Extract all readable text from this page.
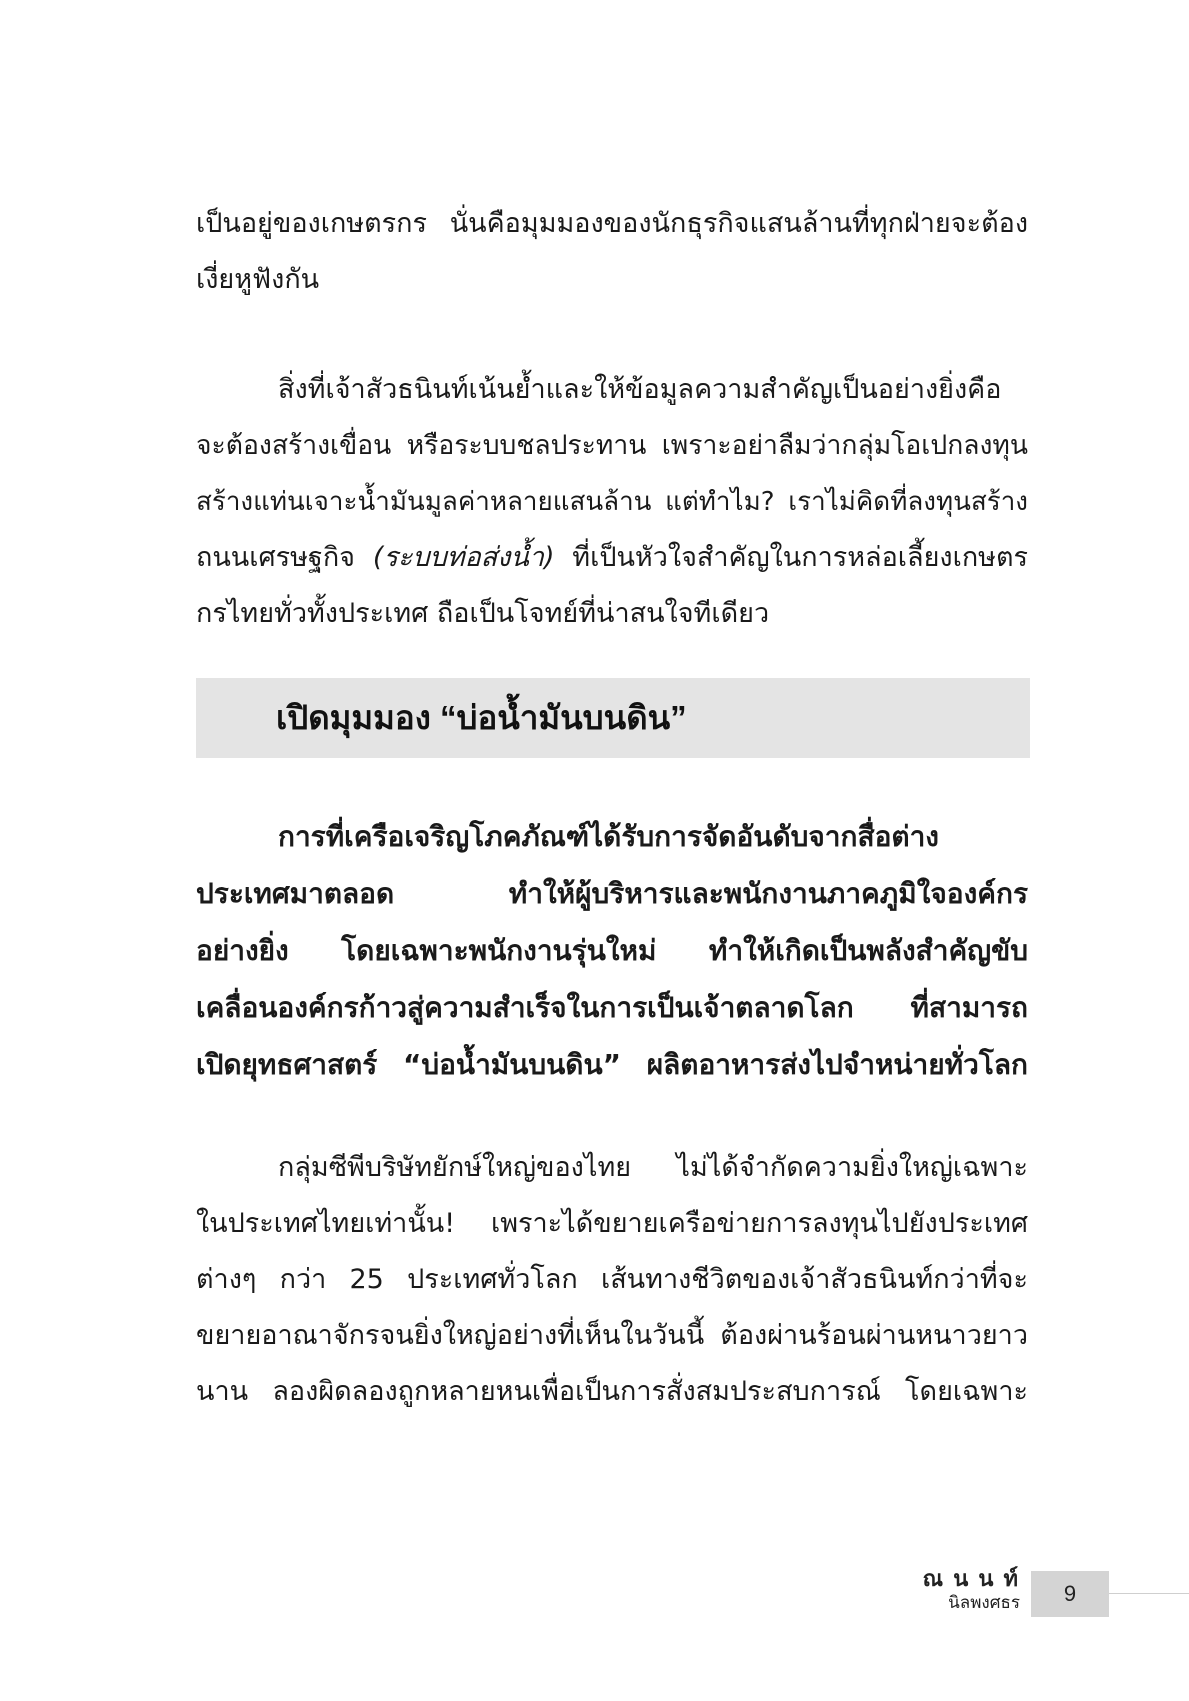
เป็นอยู่ของเกษตรกร นั่นคือมุมมองของนักธุรกิจแสนล้านที่ทุกฝ่ายจะต้อง
เงี่ยหูฟังกัน
สิ่งที่เจ้าสัวธนินท์เน้นย้ำและให้ข้อมูลความสำคัญเป็นอย่างยิ่งคือ
จะต้องสร้างเขื่อน หรือระบบชลประทาน เพราะอย่าลืมว่ากลุ่มโอเปกลงทุน
สร้างแท่นเจาะน้ำมันมูลค่าหลายแสนล้าน แต่ทำไม? เราไม่คิดที่ลงทุนสร้าง
ถนนเศรษฐกิจ (ระบบท่อส่งน้ำ) ที่เป็นหัวใจสำคัญในการหล่อเลี้ยงเกษตร
กรไทยทั่วทั้งประเทศ ถือเป็นโจทย์ที่น่าสนใจทีเดียว
เปิดมุมมอง “บ่อน้ำมันบนดิน”
การที่เครือเจริญโภคภัณฑ์ได้รับการจัดอันดับจากสื่อต่าง
ประเทศมาตลอด ทำให้ผู้บริหารและพนักงานภาคภูมิใจองค์กร
อย่างยิ่ง โดยเฉพาะพนักงานรุ่นใหม่ ทำให้เกิดเป็นพลังสำคัญขับ
เคลื่อนองค์กรก้าวสู่ความสำเร็จในการเป็นเจ้าตลาดโลก ที่สามารถ
เปิดยุทธศาสตร์ “บ่อน้ำมันบนดิน” ผลิตอาหารส่งไปจำหน่ายทั่วโลก
กลุ่มซีพีบริษัทยักษ์ใหญ่ของไทย ไม่ได้จำกัดความยิ่งใหญ่เฉพาะ
ในประเทศไทยเท่านั้น! เพราะได้ขยายเครือข่ายการลงทุนไปยังประเทศ
ต่างๆ กว่า 25 ประเทศทั่วโลก เส้นทางชีวิตของเจ้าสัวธนินท์กว่าที่จะ
ขยายอาณาจักรจนยิ่งใหญ่อย่างที่เห็นในวันนี้ ต้องผ่านร้อนผ่านหนาวยาว
นาน ลองผิดลองถูกหลายหนเพื่อเป็นการสั่งสมประสบการณ์ โดยเฉพาะ
ณ น น ท์
นิลพงศธร	9
